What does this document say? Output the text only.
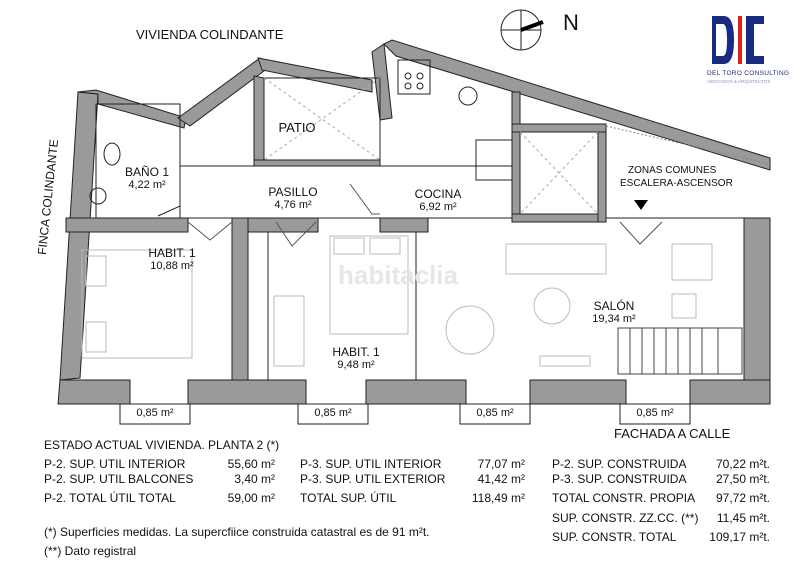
N
DEL TORO CONSULTING
ABOGADOS & ARQUITECTOS
VIVIENDA COLINDANTE
FINCA COLINDANTE	ZONAS COMUNES
ESCALERA-ASCENSOR
FACHADA A CALLE
PATIO
BAÑO 1
4,22 m²	PASILLO
4,76 m²
COCINA
6,92 m²
HABIT. 1
10,88 m²
HABIT. 1
9,48 m²
SALÓN
19,34 m²
habitaclia
0,85 m²	0,85 m²	0,85 m²	0,85 m²
ESTADO ACTUAL VIVIENDA. PLANTA 2 (*)
P-2. SUP. UTIL INTERIOR	55,60 m²
P-2. SUP. UTIL BALCONES	3,40 m²
P-2. TOTAL ÚTIL TOTAL	59,00 m²
P-3. SUP. UTIL INTERIOR	77,07 m²
P-3. SUP. UTIL EXTERIOR	41,42 m²
TOTAL SUP. ÚTIL	118,49 m²
P-2. SUP. CONSTRUIDA	70,22 m²t.
P-3. SUP. CONSTRUIDA	27,50 m²t.
TOTAL CONSTR. PROPIA	97,72 m²t.
SUP. CONSTR. ZZ.CC. (**)	11,45 m²t.
SUP. CONSTR. TOTAL	109,17 m²t.
(*) Superficies medidas. La supercfiice construida catastral es de 91 m²t.
(**) Dato registral
